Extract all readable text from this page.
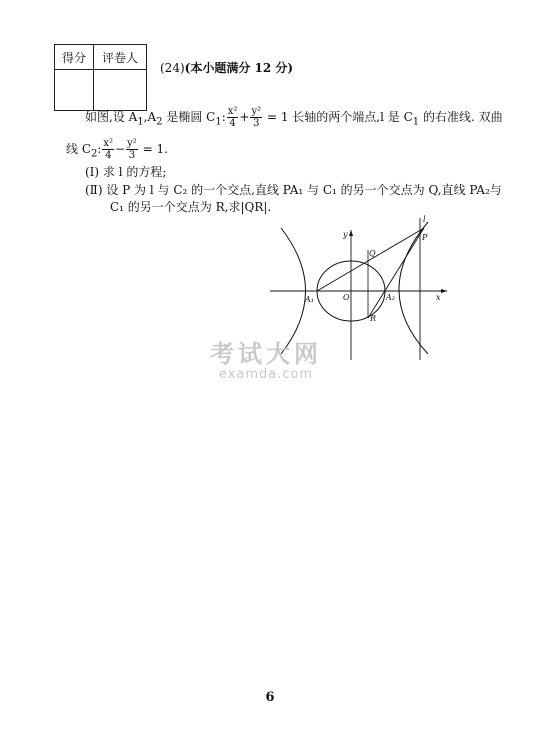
得分	评卷人

(24)(本小题满分 12 分)
如图,设 $A_1,A_2$ 是椭圆 $C_1$: $\frac{\text{x²}}{4} + \frac{\text{y²}}{3} = 1$ 长轴的两个端点,l 是 $C_1$ 的右准线. 双曲
线 $C_2$: $\frac{\text{x²}}{4} - \frac{\text{y²}}{3} = 1$.
(Ⅰ) 求 l 的方程;
(Ⅱ) 设 P 为 l 与 C₂ 的一个交点,直线 PA₁ 与 C₁ 的另一个交点为 Q,直线 PA₂与
C₁ 的另一个交点为 R,求|QR|.
y
x
l
P
Q
R
O
A₁	A₂
考试大网
examda.com
6
